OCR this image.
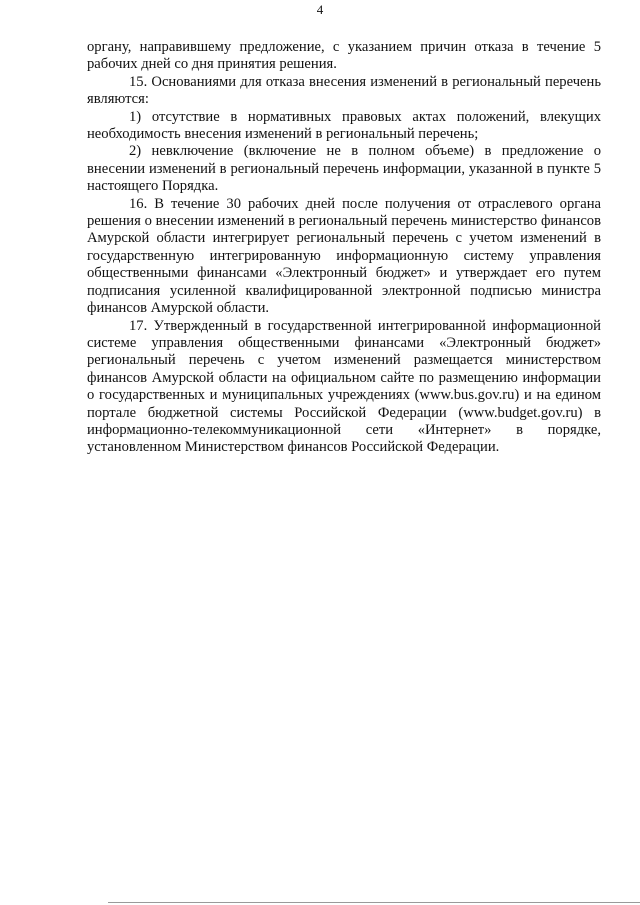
4

органу, направившему предложение, с указанием причин отказа в течение 5 рабочих дней со дня принятия решения.

15. Основаниями для отказа внесения изменений в региональный перечень являются:

1) отсутствие в нормативных правовых актах положений, влекущих необходимость внесения изменений в региональный перечень;

2) невключение (включение не в полном объеме) в предложение о внесении изменений в региональный перечень информации, указанной в пункте 5 настоящего Порядка.

16. В течение 30 рабочих дней после получения от отраслевого органа решения о внесении изменений в региональный перечень министерство финансов Амурской области интегрирует региональный перечень с учетом изменений в государственную интегрированную информационную систему управления общественными финансами «Электронный бюджет» и утверждает его путем подписания усиленной квалифицированной электронной подписью министра финансов Амурской области.

17. Утвержденный в государственной интегрированной информационной системе управления общественными финансами «Электронный бюджет» региональный перечень с учетом изменений размещается министерством финансов Амурской области на официальном сайте по размещению информации о государственных и муниципальных учреждениях (www.bus.gov.ru) и на едином портале бюджетной системы Российской Федерации (www.budget.gov.ru) в информационно-телекоммуникационной сети «Интернет» в порядке, установленном Министерством финансов Российской Федерации.
